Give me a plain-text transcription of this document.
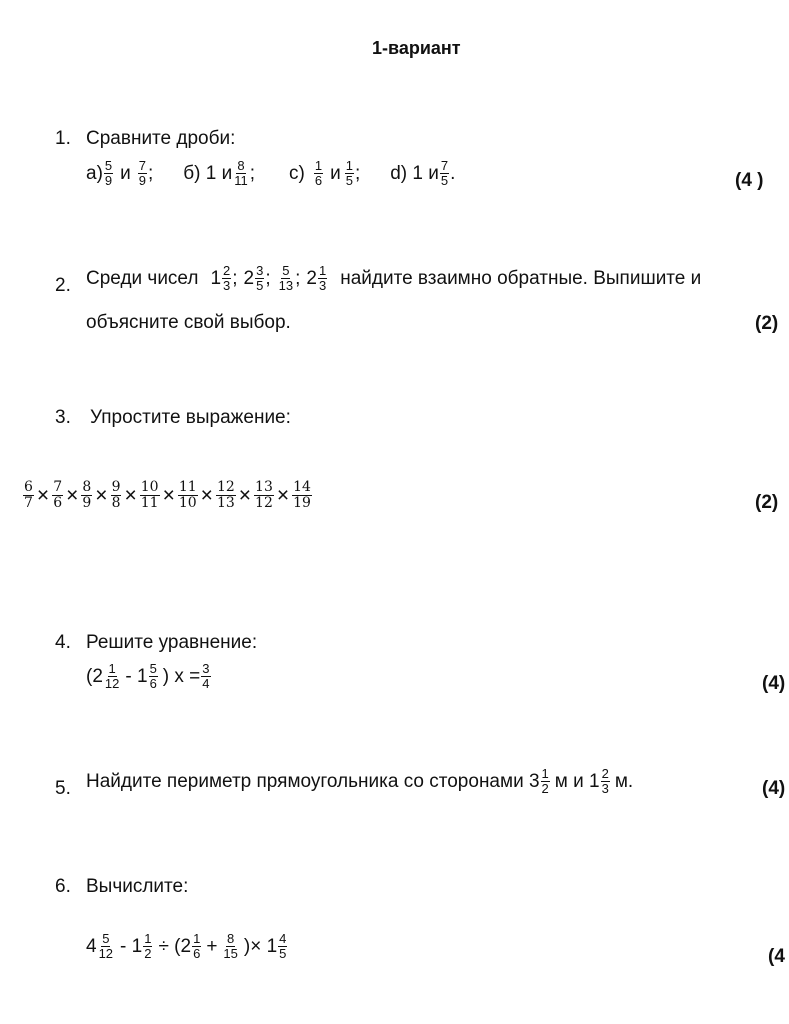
1-вариант
1. Сравните дроби:
$а) \frac{5}{9}$ и $\frac{7}{9}$ ; б) 1 и $\frac{8}{11}$ ; $c) \frac{1}{6}$ и $\frac{1}{5}$ ; d) 1 и $\frac{7}{5}$ .	(4 )
2. Среди чисел $1 \frac{2}{3}$ ; $2 \frac{3}{5}$ ; $\frac{5}{13}$ ; $2 \frac{1}{3}$ найдите взаимно обратные. Выпишите и
объясните свой выбор.	(2)
3. Упростите выражение:
$\frac{6}{7} \times \frac{7}{6} \times \frac{8}{9} \times \frac{9}{8} \times \frac{10}{11} \times \frac{11}{10} \times \frac{12}{13} \times \frac{13}{12} \times \frac{14}{19}$	(2)
4. Решите уравнение:
($2 \frac{1}{12} - 1 \frac{5}{6}$ ) $x = \frac{3}{4}$	(4)
5. Найдите периметр прямоугольника со сторонами $3 \frac{1}{2}$ м и $1 \frac{2}{3} м$.	(4)
6. Вычислите:
$4 \frac{5}{12} - 1 \frac{1}{2} \div (2 \frac{1}{6} + \frac{8}{15}$ )× $1 \frac{4}{5}$	(4
